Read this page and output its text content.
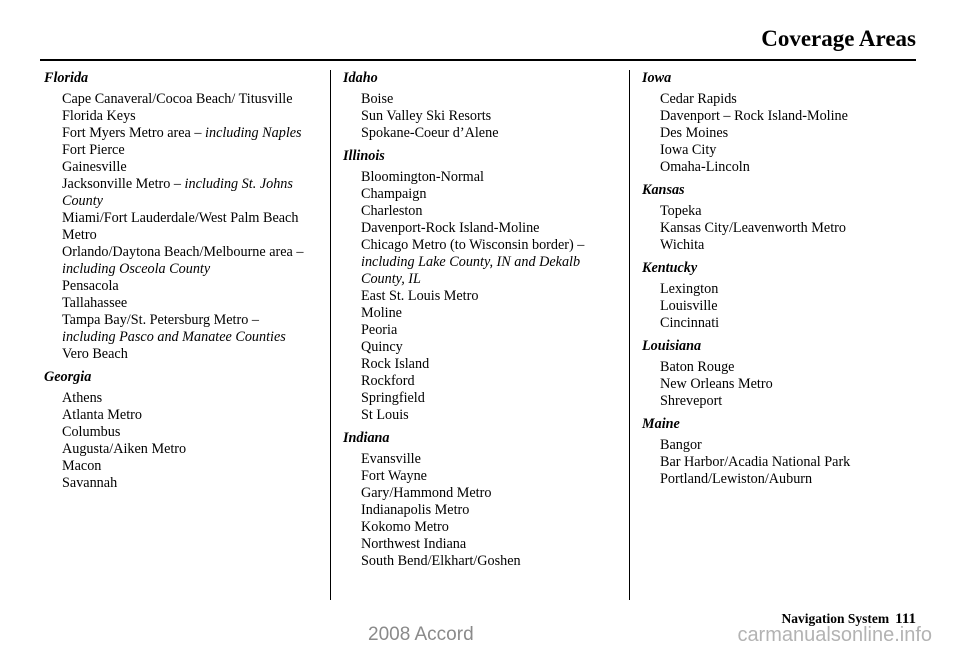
Coverage Areas
Florida
Cape Canaveral/Cocoa Beach/ Titusville
Florida Keys
Fort Myers Metro area – including Naples
Fort Pierce
Gainesville
Jacksonville Metro – including St. Johns County
Miami/Fort Lauderdale/West Palm Beach Metro
Orlando/Daytona Beach/Melbourne area – including Osceola County
Pensacola
Tallahassee
Tampa Bay/St. Petersburg Metro – including Pasco and Manatee Counties
Vero Beach
Georgia
Athens
Atlanta Metro
Columbus
Augusta/Aiken Metro
Macon
Savannah
Idaho
Boise
Sun Valley Ski Resorts
Spokane-Coeur d’Alene
Illinois
Bloomington-Normal
Champaign
Charleston
Davenport-Rock Island-Moline
Chicago Metro (to Wisconsin border) – including Lake County, IN and Dekalb County, IL
East St. Louis Metro
Moline
Peoria
Quincy
Rock Island
Rockford
Springfield
St Louis
Indiana
Evansville
Fort Wayne
Gary/Hammond Metro
Indianapolis Metro
Kokomo Metro
Northwest Indiana
South Bend/Elkhart/Goshen
Iowa
Cedar Rapids
Davenport – Rock Island-Moline
Des Moines
Iowa City
Omaha-Lincoln
Kansas
Topeka
Kansas City/Leavenworth Metro
Wichita
Kentucky
Lexington
Louisville
Cincinnati
Louisiana
Baton Rouge
New Orleans Metro
Shreveport
Maine
Bangor
Bar Harbor/Acadia National Park
Portland/Lewiston/Auburn
Navigation System 111
2008 Accord	carmanualsonline.info
